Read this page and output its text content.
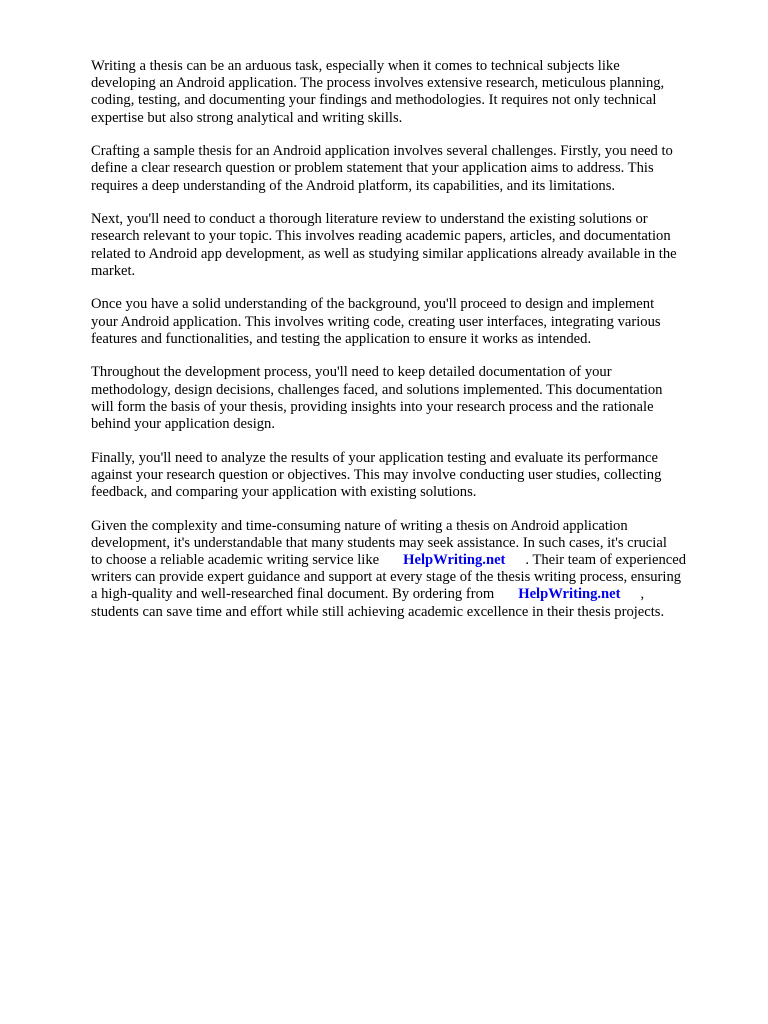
Writing a thesis can be an arduous task, especially when it comes to technical subjects like
developing an Android application. The process involves extensive research, meticulous planning,
coding, testing, and documenting your findings and methodologies. It requires not only technical
expertise but also strong analytical and writing skills.

Crafting a sample thesis for an Android application involves several challenges. Firstly, you need to
define a clear research question or problem statement that your application aims to address. This
requires a deep understanding of the Android platform, its capabilities, and its limitations.

Next, you'll need to conduct a thorough literature review to understand the existing solutions or
research relevant to your topic. This involves reading academic papers, articles, and documentation
related to Android app development, as well as studying similar applications already available in the
market.

Once you have a solid understanding of the background, you'll proceed to design and implement
your Android application. This involves writing code, creating user interfaces, integrating various
features and functionalities, and testing the application to ensure it works as intended.

Throughout the development process, you'll need to keep detailed documentation of your
methodology, design decisions, challenges faced, and solutions implemented. This documentation
will form the basis of your thesis, providing insights into your research process and the rationale
behind your application design.

Finally, you'll need to analyze the results of your application testing and evaluate its performance
against your research question or objectives. This may involve conducting user studies, collecting
feedback, and comparing your application with existing solutions.

Given the complexity and time-consuming nature of writing a thesis on Android application
development, it's understandable that many students may seek assistance. In such cases, it's crucial
to choose a reliable academic writing service like HelpWriting.net . Their team of experienced
writers can provide expert guidance and support at every stage of the thesis writing process, ensuring
a high-quality and well-researched final document. By ordering from HelpWriting.net ,
students can save time and effort while still achieving academic excellence in their thesis projects.
